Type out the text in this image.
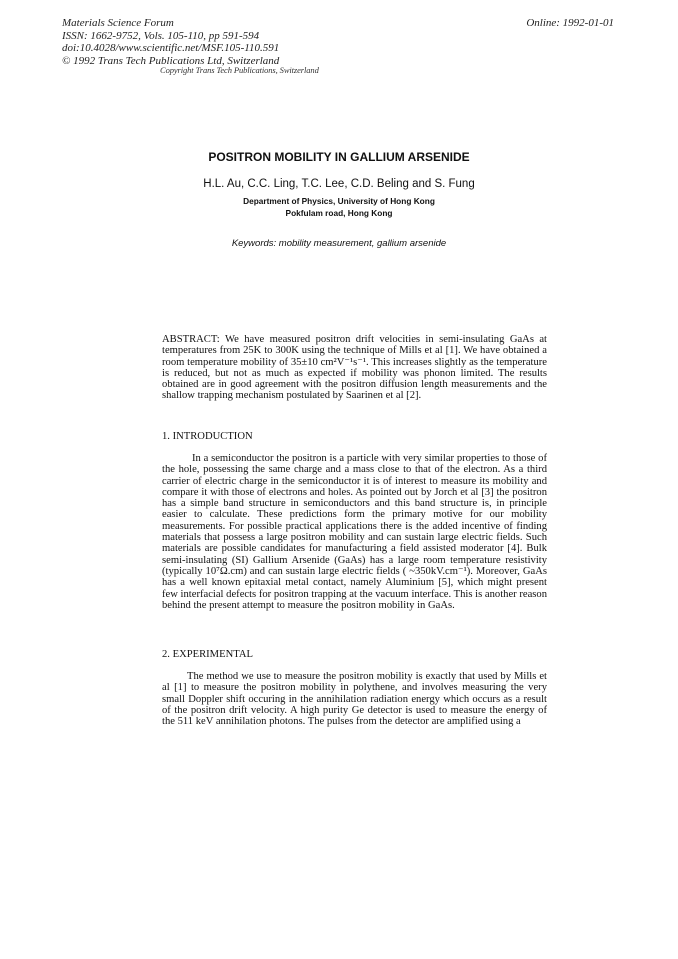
Materials Science Forum
ISSN: 1662-9752, Vols. 105-110, pp 591-594
doi:10.4028/www.scientific.net/MSF.105-110.591
© 1992 Trans Tech Publications Ltd, Switzerland
Online: 1992-01-01
Copyright Trans Tech Publications, Switzerland
POSITRON MOBILITY IN GALLIUM ARSENIDE
H.L. Au, C.C. Ling, T.C. Lee, C.D. Beling and S. Fung
Department of Physics, University of Hong Kong
Pokfulam road, Hong Kong
Keywords: mobility measurement, gallium arsenide
ABSTRACT: We have measured positron drift velocities in semi-insulating GaAs at temperatures from 25K to 300K using the technique of Mills et al [1]. We have obtained a room temperature mobility of 35±10 cm²V⁻¹s⁻¹. This increases slightly as the temperature is reduced, but not as much as expected if mobility was phonon limited. The results obtained are in good agreement with the positron diffusion length measurements and the shallow trapping mechanism postulated by Saarinen et al [2].
1. INTRODUCTION
In a semiconductor the positron is a particle with very similar properties to those of the hole, possessing the same charge and a mass close to that of the electron. As a third carrier of electric charge in the semiconductor it is of interest to measure its mobility and compare it with those of electrons and holes. As pointed out by Jorch et al [3] the positron has a simple band structure in semiconductors and this band structure is, in principle easier to calculate. These predictions form the primary motive for our mobility measurements. For possible practical applications there is the added incentive of finding materials that possess a large positron mobility and can sustain large electric fields. Such materials are possible candidates for manufacturing a field assisted moderator [4]. Bulk semi-insulating (SI) Gallium Arsenide (GaAs) has a large room temperature resistivity (typically 10⁷Ω.cm) and can sustain large electric fields ( ~350kV.cm⁻¹). Moreover, GaAs has a well known epitaxial metal contact, namely Aluminium [5], which might present few interfacial defects for positron trapping at the vacuum interface. This is another reason behind the present attempt to measure the positron mobility in GaAs.
2. EXPERIMENTAL
The method we use to measure the positron mobility is exactly that used by Mills et al [1] to measure the positron mobility in polythene, and involves measuring the very small Doppler shift occuring in the annihilation radiation energy which occurs as a result of the positron drift velocity. A high purity Ge detector is used to measure the energy of the 511 keV annihilation photons. The pulses from the detector are amplified using a
